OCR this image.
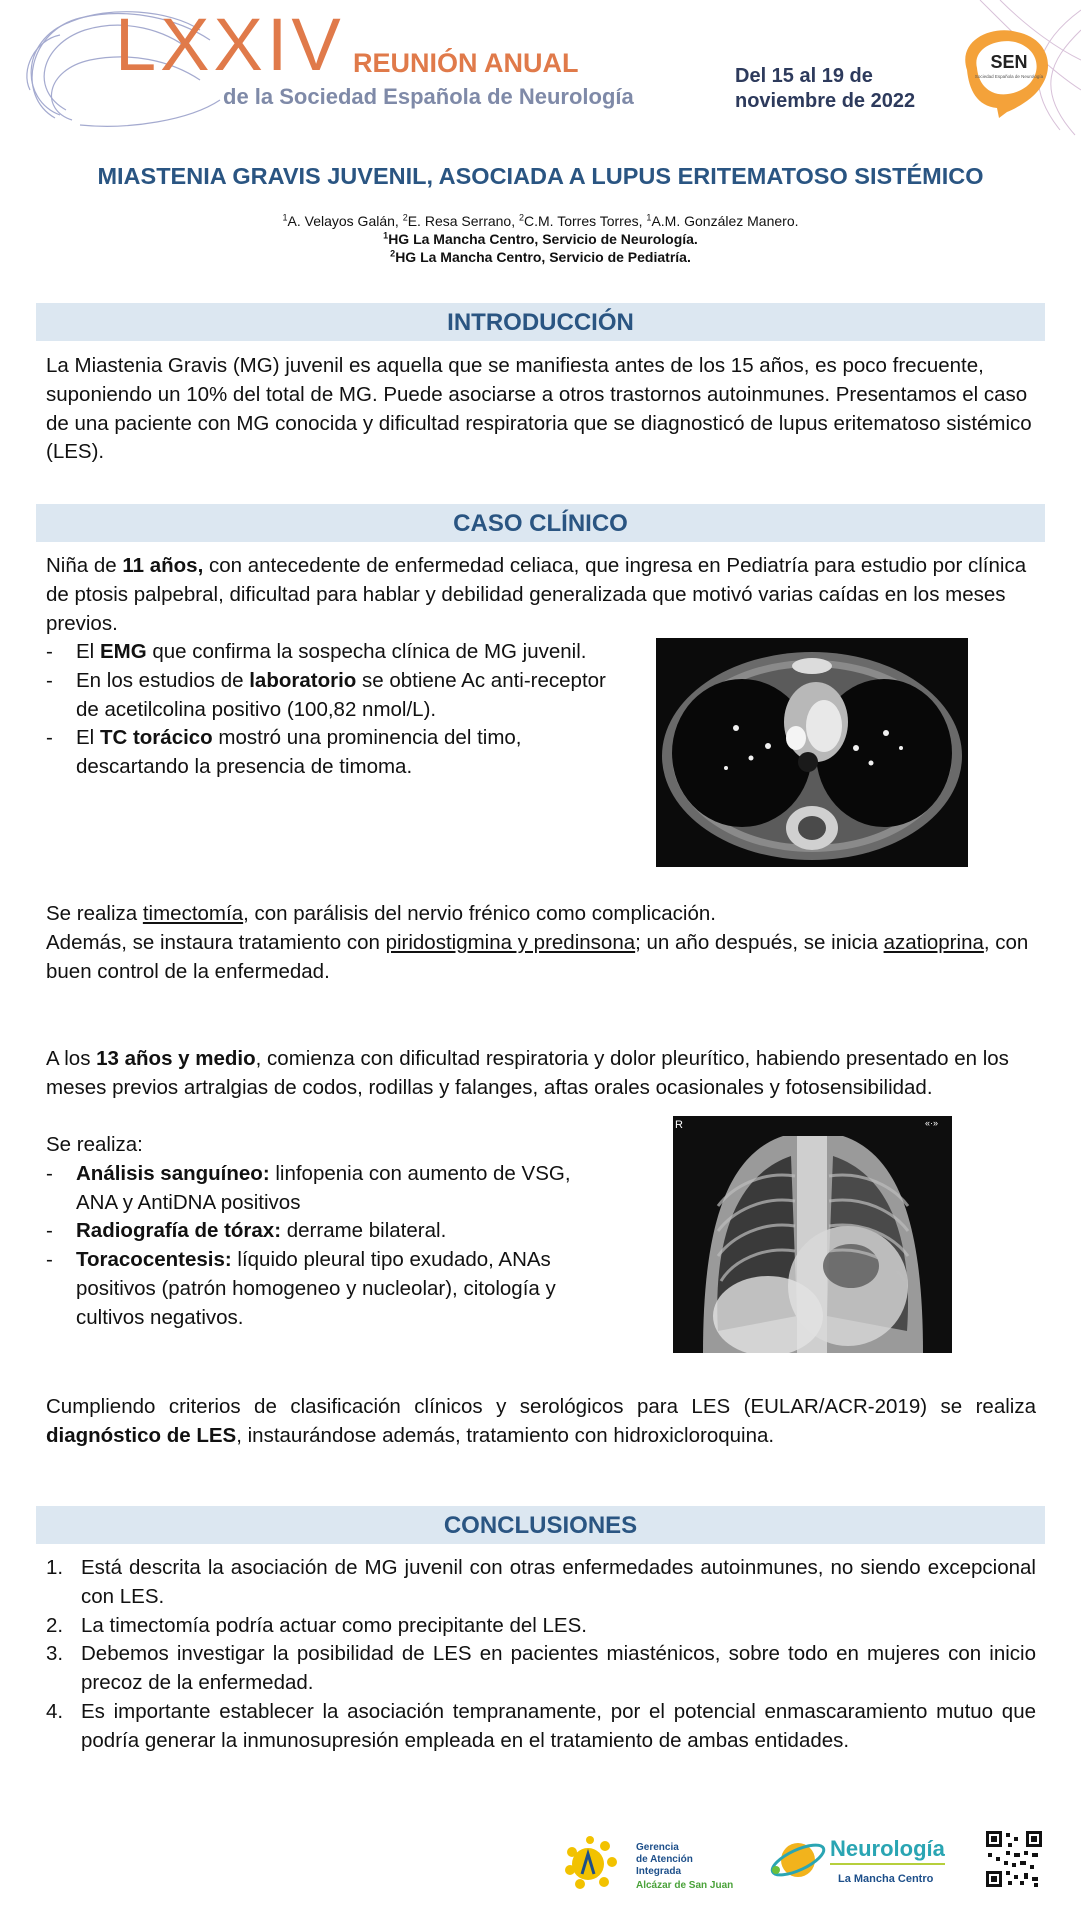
LXXIV REUNIÓN ANUAL
de la Sociedad Española de Neurología
Del 15 al 19 de
noviembre de 2022
SEN
Sociedad Española de Neurología
MIASTENIA GRAVIS JUVENIL, ASOCIADA A LUPUS ERITEMATOSO SISTÉMICO
$^1$A. Velayos Galán, $^2$E. Resa Serrano, $^2$C.M. Torres Torres, $^1$A.M. González Manero.
$^1$HG La Mancha Centro, Servicio de Neurología.
$^2$HG La Mancha Centro, Servicio de Pediatría.
INTRODUCCIÓN
La Miastenia Gravis (MG) juvenil es aquella que se manifiesta antes de los 15 años, es poco frecuente, suponiendo un 10% del total de MG. Puede asociarse a otros trastornos autoinmunes. Presentamos el caso de una paciente con MG conocida y dificultad respiratoria que se diagnosticó de lupus eritematoso sistémico (LES).
CASO CLÍNICO
Niña de 11 años, con antecedente de enfermedad celiaca, que ingresa en Pediatría para estudio por clínica de ptosis palpebral, dificultad para hablar y debilidad generalizada que motivó varias caídas en los meses previos.
- El EMG que confirma la sospecha clínica de MG juvenil.
- En los estudios de laboratorio se obtiene Ac anti-receptor de acetilcolina positivo (100,82 nmol/L).
- El TC torácico mostró una prominencia del timo, descartando la presencia de timoma.
Se realiza timectomía, con parálisis del nervio frénico como complicación.
Además, se instaura tratamiento con piridostigmina y predinsona; un año después, se inicia azatioprina, con buen control de la enfermedad.
A los 13 años y medio, comienza con dificultad respiratoria y dolor pleurítico, habiendo presentado en los meses previos artralgias de codos, rodillas y falanges, aftas orales ocasionales y fotosensibilidad.
Se realiza:
- Análisis sanguíneo: linfopenia con aumento de VSG, ANA y AntiDNA positivos
- Radiografía de tórax: derrame bilateral.
- Toracocentesis: líquido pleural tipo exudado, ANAs positivos (patrón homogeneo y nucleolar), citología y cultivos negativos.
R	«·»
Cumpliendo criterios de clasificación clínicos y serológicos para LES (EULAR/ACR-2019) se realiza diagnóstico de LES, instaurándose además, tratamiento con hidroxicloroquina.
CONCLUSIONES
1. Está descrita la asociación de MG juvenil con otras enfermedades autoinmunes, no siendo excepcional con LES.
2. La timectomía podría actuar como precipitante del LES.
3. Debemos investigar la posibilidad de LES en pacientes miasténicos, sobre todo en mujeres con inicio precoz de la enfermedad.
4. Es importante establecer la asociación tempranamente, por el potencial enmascaramiento mutuo que podría generar la inmunosupresión empleada en el tratamiento de ambas entidades.
Gerencia
de Atención
Integrada
Alcázar de San Juan
Neurología
La Mancha Centro
